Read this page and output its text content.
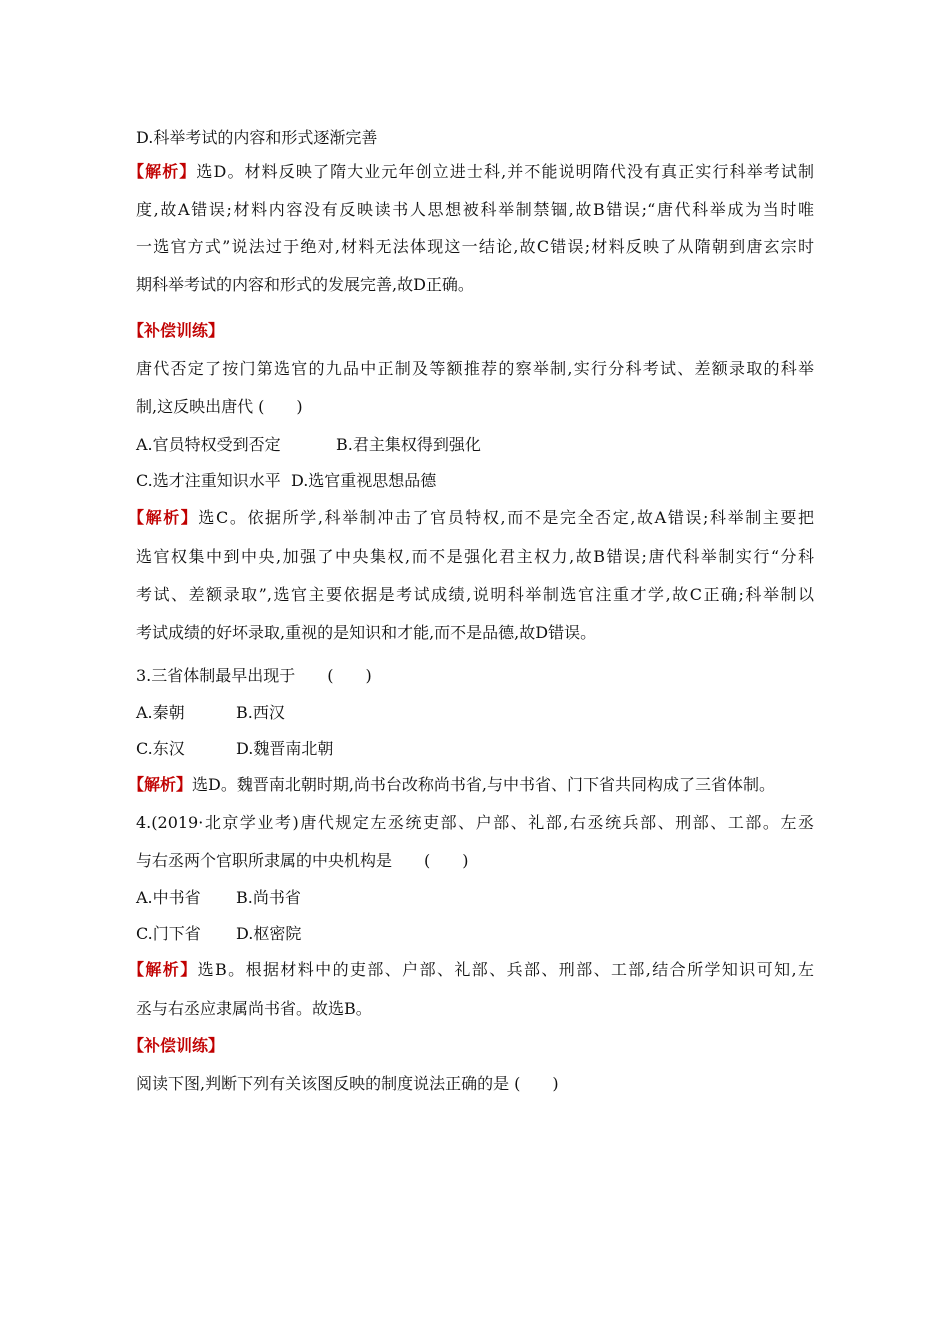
D.科举考试的内容和形式逐渐完善
【解析】选D。材料反映了隋大业元年创立进士科,并不能说明隋代没有真正实行科举考试制
度,故A错误;材料内容没有反映读书人思想被科举制禁锢,故B错误;“唐代科举成为当时唯
一选官方式”说法过于绝对,材料无法体现这一结论,故C错误;材料反映了从隋朝到唐玄宗时
期科举考试的内容和形式的发展完善,故D正确。
【补偿训练】
唐代否定了按门第选官的九品中正制及等额推荐的察举制,实行分科考试、差额录取的科举
制,这反映出唐代 (　　)
A.官员特权受到否定	B.君主集权得到强化
C.选才注重知识水平 D.选官重视思想品德
【解析】选C。依据所学,科举制冲击了官员特权,而不是完全否定,故A错误;科举制主要把
选官权集中到中央,加强了中央集权,而不是强化君主权力,故B错误;唐代科举制实行“分科
考试、差额录取”,选官主要依据是考试成绩,说明科举制选官注重才学,故C正确;科举制以
考试成绩的好坏录取,重视的是知识和才能,而不是品德,故D错误。
3.三省体制最早出现于　　(　　)
A.秦朝	B.西汉
C.东汉	D.魏晋南北朝
【解析】选D。魏晋南北朝时期,尚书台改称尚书省,与中书省、门下省共同构成了三省体制。
4.(2019·北京学业考)唐代规定左丞统吏部、户部、礼部,右丞统兵部、刑部、工部。左丞
与右丞两个官职所隶属的中央机构是　　(　　)
A.中书省 B.尚书省
C.门下省 D.枢密院
【解析】选B。根据材料中的吏部、户部、礼部、兵部、刑部、工部,结合所学知识可知,左
丞与右丞应隶属尚书省。故选B。
【补偿训练】
阅读下图,判断下列有关该图反映的制度说法正确的是 (　　)
